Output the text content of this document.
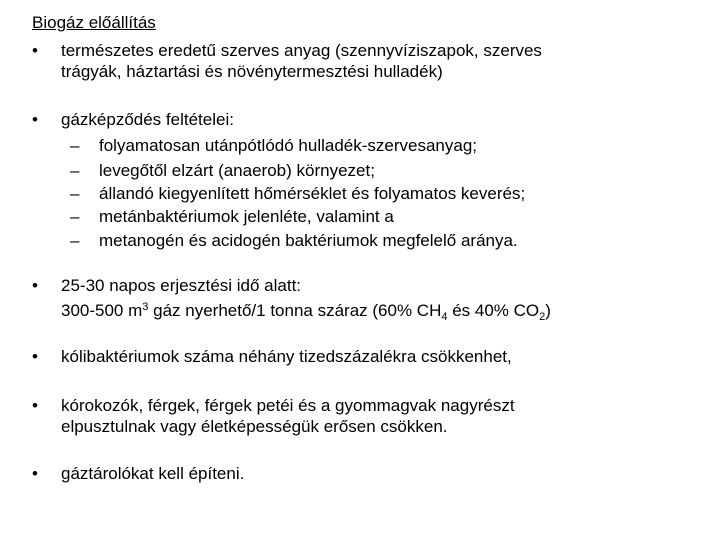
Biogáz előállítás
•	természetes eredetű szerves anyag (szennyvíziszapok, szerves
trágyák, háztartási és növénytermesztési hulladék)
•	gázképződés feltételei:
– folyamatosan utánpótlódó hulladék-szervesanyag;
– levegőtől elzárt (anaerob) környezet;
– állandó kiegyenlített hőmérséklet és folyamatos keverés;
– metánbaktériumok jelenléte, valamint a
– metanogén és acidogén baktériumok megfelelő aránya.
•	25-30 napos erjesztési idő alatt:
300-500 $m^3$ gáz nyerhető/1 tonna száraz (60% $CH_4$ és 40% $CO_2$)
•	kólibaktériumok száma néhány tizedszázalékra csökkenhet,
•	kórokozók, férgek, férgek petéi és a gyommagvak nagyrészt
elpusztulnak vagy életképességük erősen csökken.
•	gáztárolókat kell építeni.
